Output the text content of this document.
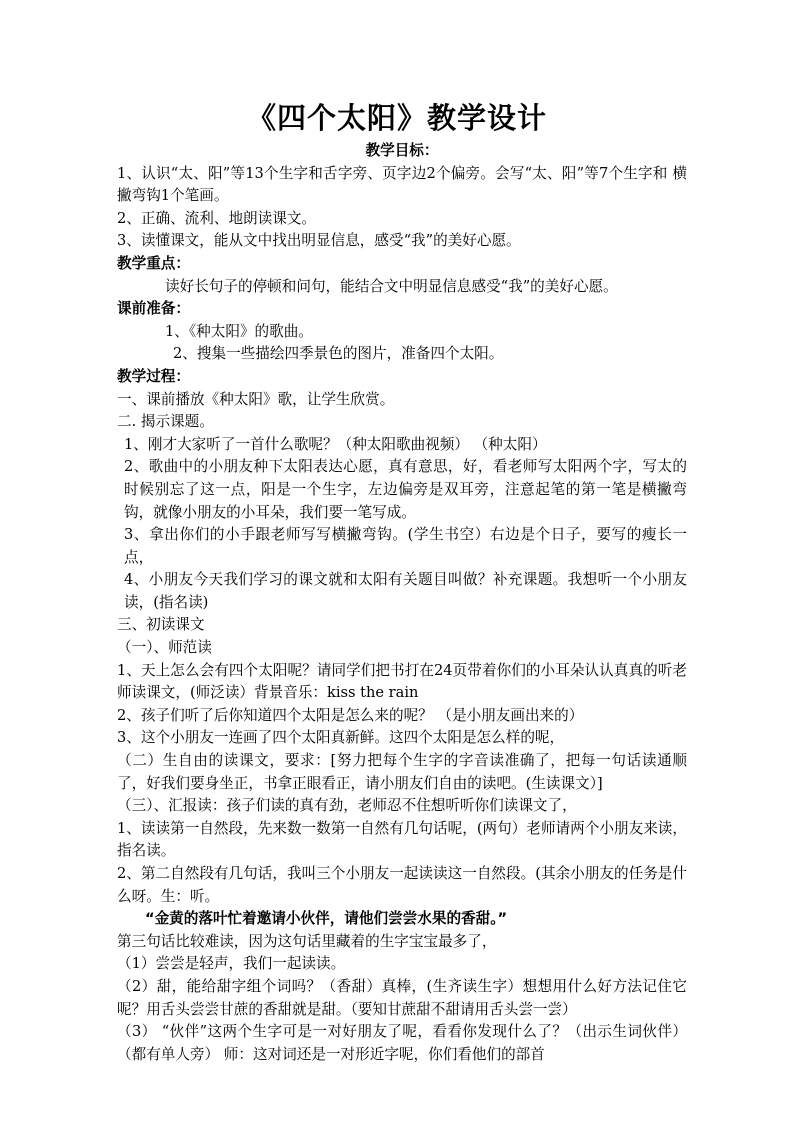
《四个太阳》教学设计

教学目标：

1、认识“太、阳”等13个生字和舌字旁、页字边2个偏旁。会写“太、阳”等7个生字和 横撇弯钩1个笔画。

2、正确、流利、地朗读课文。

3、读懂课文，能从文中找出明显信息，感受“我”的美好心愿。

教学重点：

读好长句子的停顿和问句，能结合文中明显信息感受“我”的美好心愿。

课前准备：

1、《种太阳》的歌曲。

2、搜集一些描绘四季景色的图片，准备四个太阳。

教学过程：

一、课前播放《种太阳》歌，让学生欣赏。

二. 揭示课题。

1、刚才大家听了一首什么歌呢？（种太阳歌曲视频） （种太阳）

2、歌曲中的小朋友种下太阳表达心愿，真有意思，好，看老师写太阳两个字，写太的时候别忘了这一点，阳是一个生字，左边偏旁是双耳旁，注意起笔的第一笔是横撇弯钩，就像小朋友的小耳朵，我们要一笔写成。

3、拿出你们的小手跟老师写写横撇弯钩。(学生书空）右边是个日子，要写的瘦长一点，

4、小朋友今天我们学习的课文就和太阳有关题目叫做？补充课题。我想听一个小朋友读，(指名读)

三、初读课文

（一）、师范读

1、天上怎么会有四个太阳呢？请同学们把书打在24页带着你们的小耳朵认认真真的听老师读课文，(师泛读）背景音乐：kiss the rain

2、孩子们听了后你知道四个太阳是怎么来的呢？ （是小朋友画出来的）

3、这个小朋友一连画了四个太阳真新鲜。这四个太阳是怎么样的呢，

（二）生自由的读课文，要求：[努力把每个生字的字音读准确了，把每一句话读通顺了，好我们要身坐正，书拿正眼看正，请小朋友们自由的读吧。(生读课文）]

（三）、汇报读：孩子们读的真有劲，老师忍不住想听听你们读课文了，

1、读读第一自然段，先来数一数第一自然有几句话呢，(两句）老师请两个小朋友来读，指名读。

2、第二自然段有几句话，我叫三个小朋友一起读读这一自然段。(其余小朋友的任务是什么呀。生：听。

“金黄的落叶忙着邀请小伙伴，请他们尝尝水果的香甜。”

第三句话比较难读，因为这句话里藏着的生字宝宝最多了，

（1）尝尝是轻声，我们一起读读。

（2）甜，能给甜字组个词吗？（香甜）真棒，(生齐读生字）想想用什么好方法记住它呢？用舌头尝尝甘蔗的香甜就是甜。（要知甘蔗甜不甜请用舌头尝一尝）

（3） “伙伴”这两个生字可是一对好朋友了呢，看看你发现什么了？（出示生词伙伴） （都有单人旁） 师：这对词还是一对形近字呢，你们看他们的部首
